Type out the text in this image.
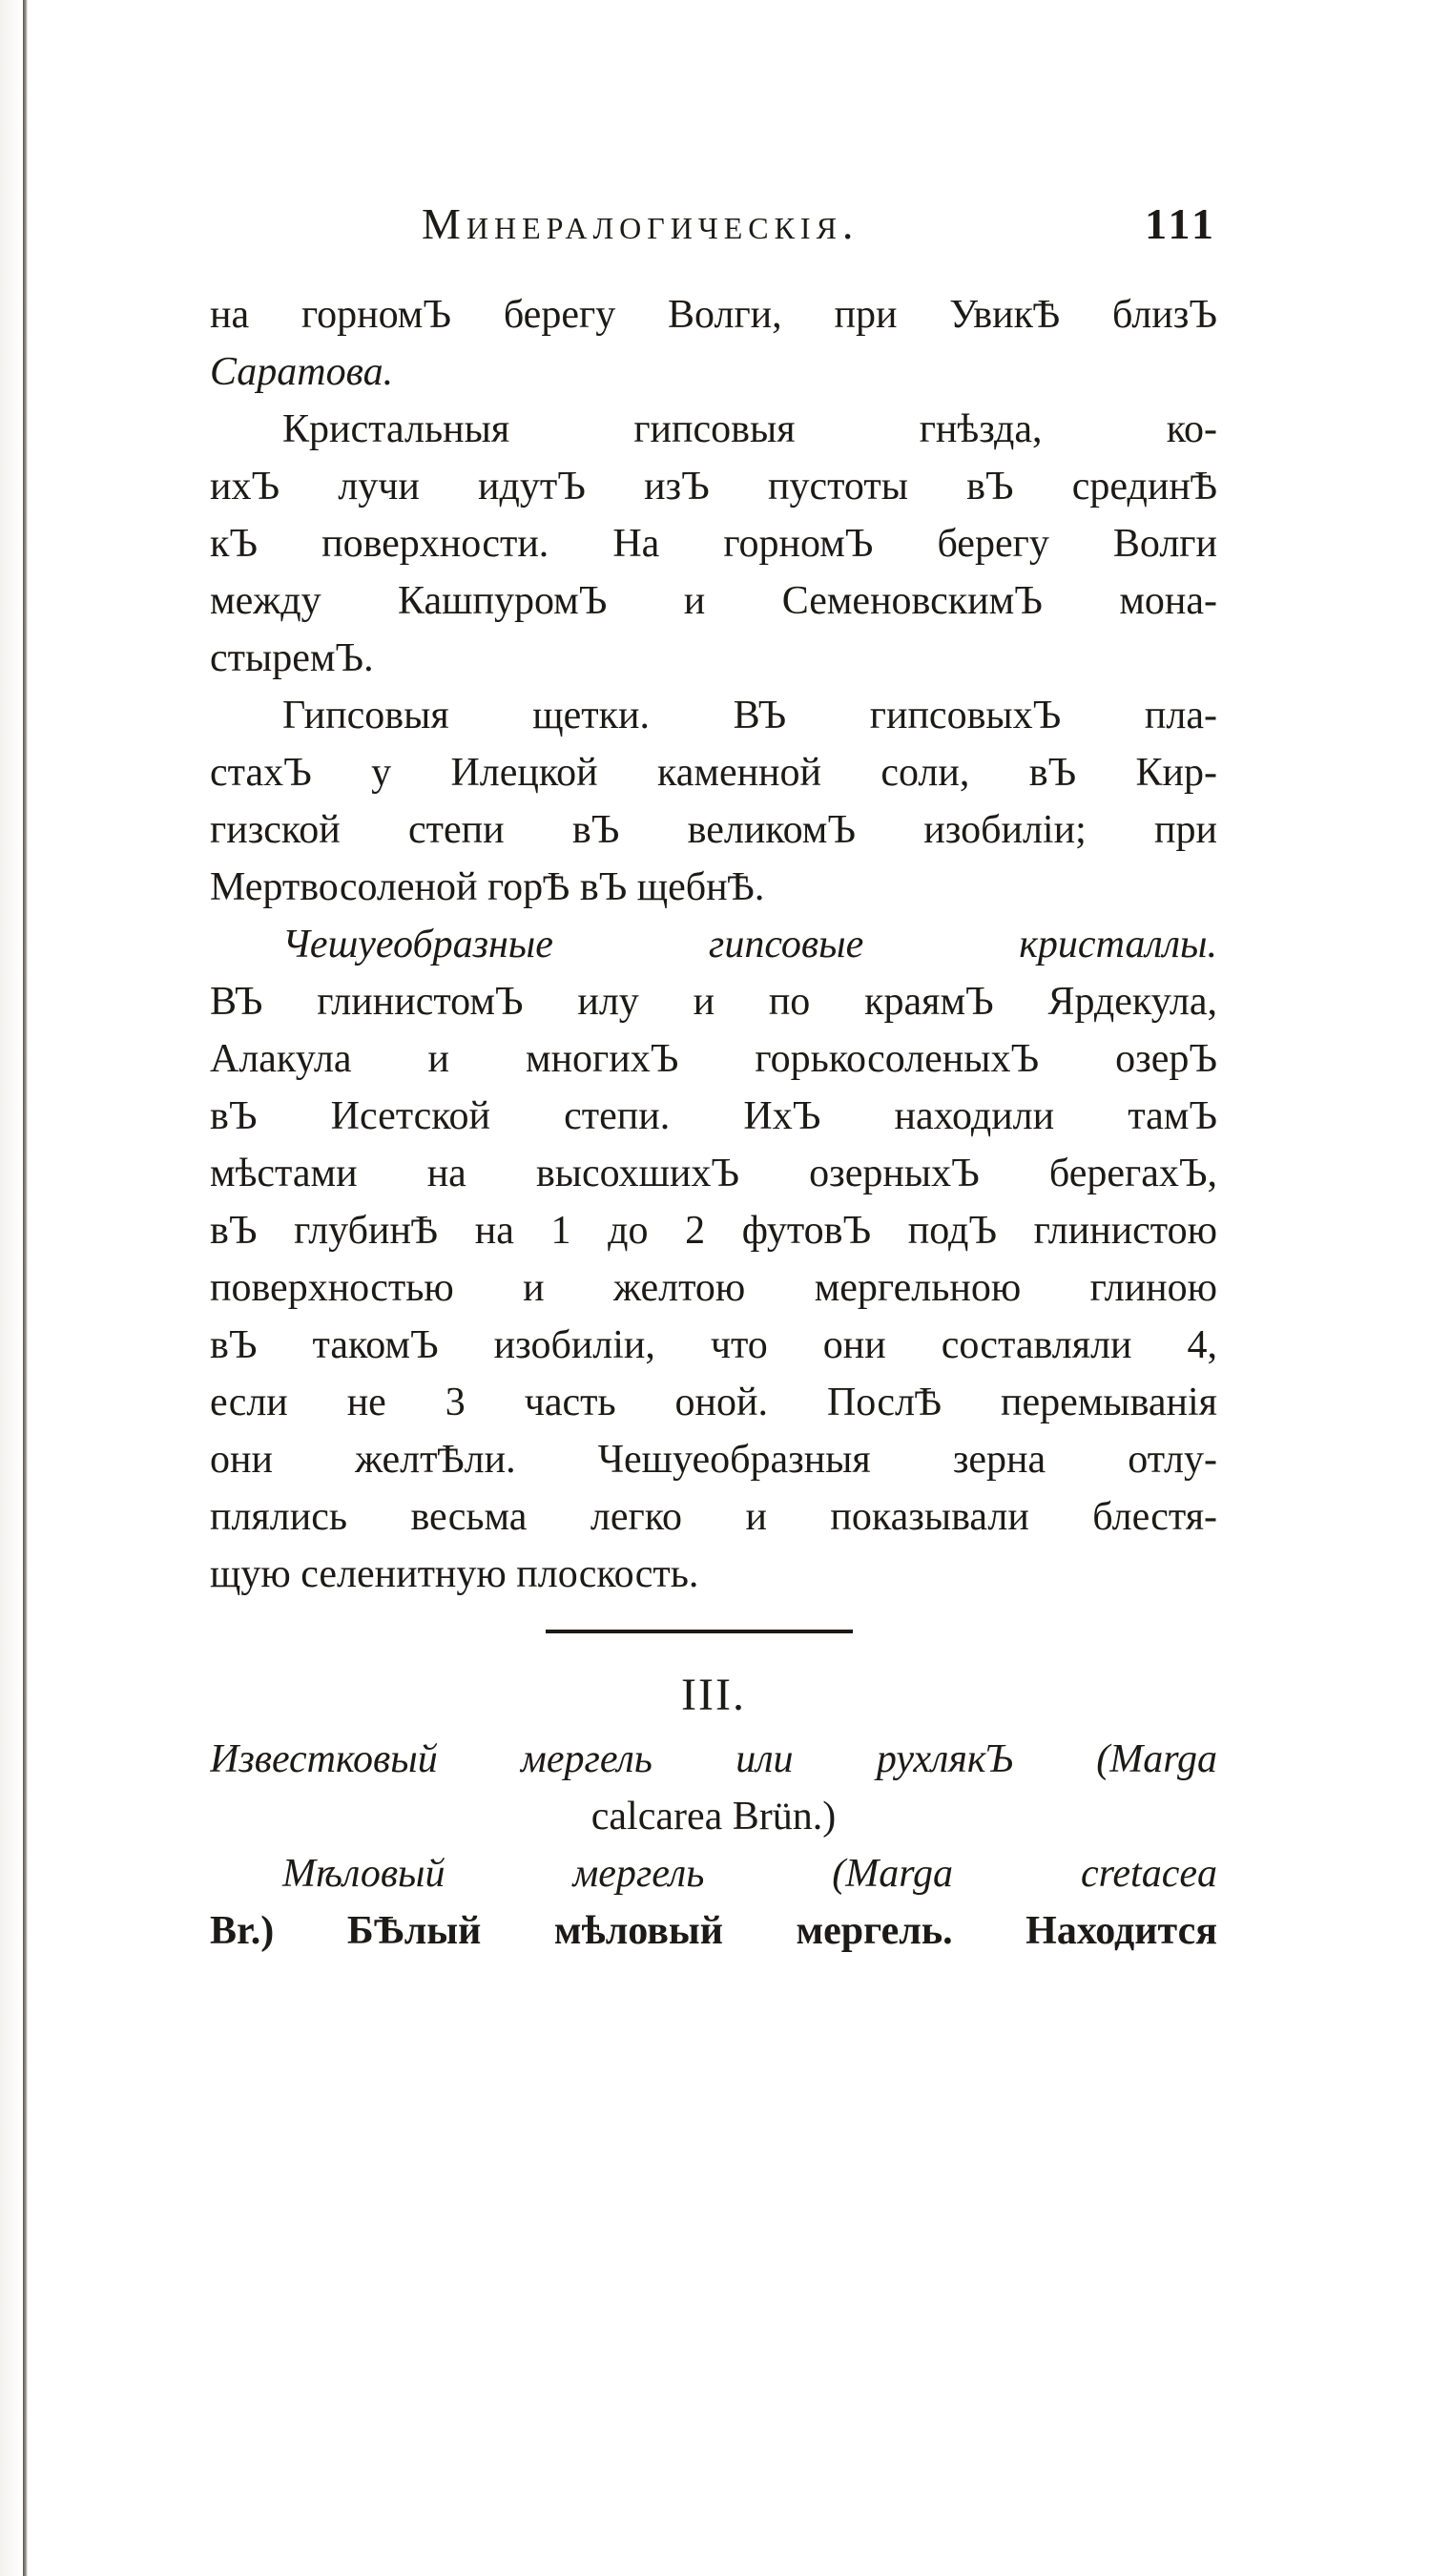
Минералогическія.	111
на горномЪ берегу Волги, при УвикѢ близЪ
Саратова.
Кристальныя гипсовыя гнѣзда, ко-
ихЪ лучи идутЪ изЪ пустоты вЪ срединѢ
кЪ поверхности. На горномЪ берегу Волги
между КашпуромЪ и СеменовскимЪ мона-
стыремЪ.
Гипсовыя щетки. ВЪ гипсовыхЪ пла-
стахЪ у Илецкой каменной соли, вЪ Кир-
гизской степи вЪ великомЪ изобиліи; при
Мертвосоленой горѢ вЪ щебнѢ.
Чешуеобразные гипсовые кристаллы.
ВЪ глинистомЪ илу и по краямЪ Ярдекула,
Алакула и многихЪ горькосоленыхЪ озерЪ
вЪ Исетской степи. ИхЪ находили тамЪ
мѣстами на высохшихЪ озерныхЪ берегахЪ,
вЪ глубинѢ на 1 до 2 футовЪ подЪ глинистою
поверхностью и желтою мергельною глиною
вЪ такомЪ изобиліи, что они составляли 4,
если не 3 часть оной. ПослѢ перемыванія
они желтѢли. Чешуеобразныя зерна отлу-
плялись весьма легко и показывали блестя-
щую селенитную плоскость.
III.
Известковый мергель или рухлякЪ (Marga
calcarea Brün.)
Мѣловый мергель (Marga cretacea
Br.) БѢлый мѣловый мергель. Находится
